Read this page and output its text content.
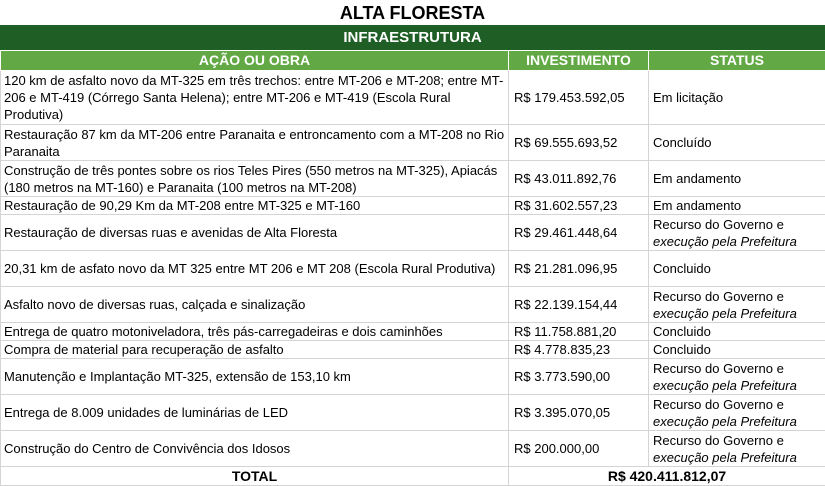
ALTA FLORESTA
INFRAESTRUTURA
AÇÃO OU OBRA	INVESTIMENTO	STATUS
120 km de asfalto novo da MT-325 em três trechos: entre MT-206 e MT-208; entre MT-206 e MT-419 (Córrego Santa Helena); entre MT-206 e MT-419 (Escola Rural Produtiva)	R$ 179.453.592,05	Em licitação
Restauração 87 km da MT-206 entre Paranaita e entroncamento com a MT-208 no Rio Paranaita	R$ 69.555.693,52	Concluído
Construção de três pontes sobre os rios Teles Pires (550 metros na MT-325), Apiacás (180 metros na MT-160) e Paranaita (100 metros na MT-208)	R$ 43.011.892,76	Em andamento
Restauração de 90,29 Km da MT-208 entre MT-325 e MT-160	R$ 31.602.557,23	Em andamento
Restauração de diversas ruas e avenidas de Alta Floresta	R$ 29.461.448,64	Recurso do Governo e
execução pela Prefeitura
20,31 km de asfato novo da MT 325 entre MT 206 e MT 208 (Escola Rural Produtiva)	R$ 21.281.096,95	Concluido
Asfalto novo de diversas ruas, calçada e sinalização	R$ 22.139.154,44	Recurso do Governo e
execução pela Prefeitura
Entrega de quatro motoniveladora, três pás-carregadeiras e dois caminhões	R$ 11.758.881,20	Concluido
Compra de material para recuperação de asfalto	R$ 4.778.835,23	Concluido
Manutenção e Implantação MT-325, extensão de 153,10 km	R$ 3.773.590,00	Recurso do Governo e
execução pela Prefeitura
Entrega de 8.009 unidades de luminárias de LED	R$ 3.395.070,05	Recurso do Governo e
execução pela Prefeitura
Construção do Centro de Convivência dos Idosos	R$ 200.000,00	Recurso do Governo e
execução pela Prefeitura
TOTAL	R$ 420.411.812,07	
